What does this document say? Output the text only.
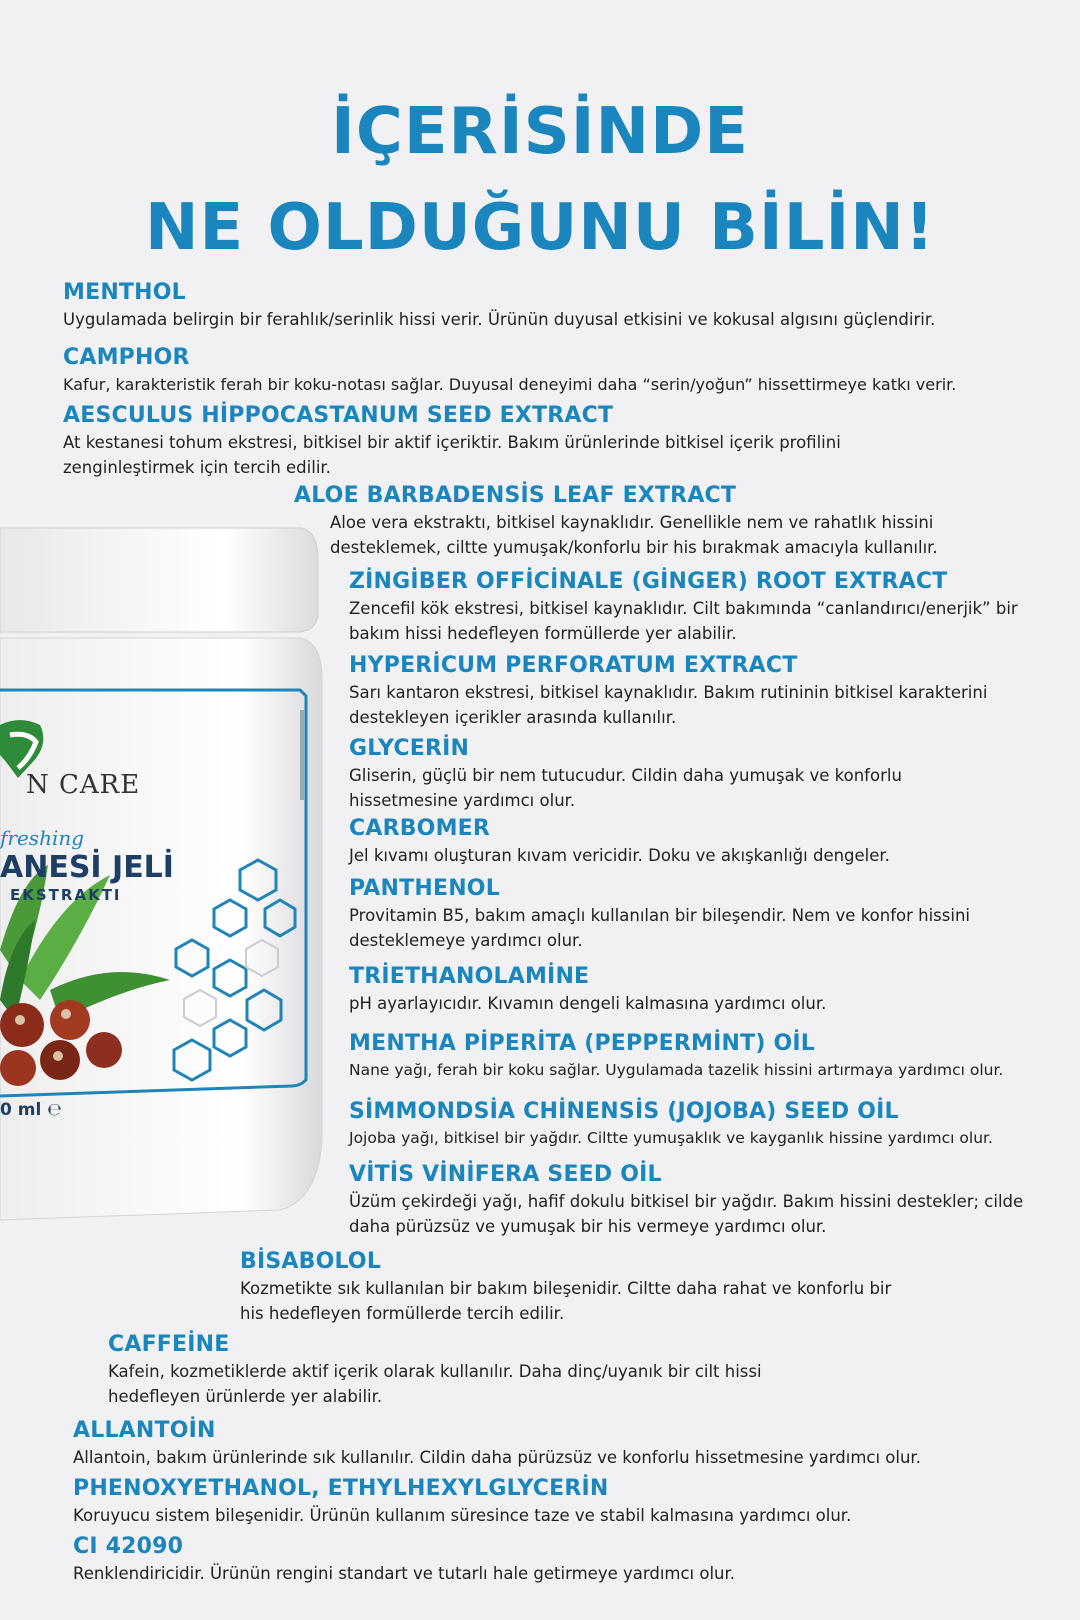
İÇERİSİNDE
NE OLDUĞUNU BİLİN!
N CARE
freshing
ANESİ JELİ
EKSTRAKTI
0 ml ℮
MENTHOL
Uygulamada belirgin bir ferahlık/serinlik hissi verir. Ürünün duyusal etkisini ve kokusal algısını güçlendirir.
CAMPHOR
Kafur, karakteristik ferah bir koku-notası sağlar. Duyusal deneyimi daha “serin/yoğun” hissettirmeye katkı verir.
AESCULUS HİPPOCASTANUM SEED EXTRACT
At kestanesi tohum ekstresi, bitkisel bir aktif içeriktir. Bakım ürünlerinde bitkisel içerik profilini zenginleştirmek için tercih edilir.
ALOE BARBADENSİS LEAF EXTRACT
Aloe vera ekstraktı, bitkisel kaynaklıdır. Genellikle nem ve rahatlık hissini desteklemek, ciltte yumuşak/konforlu bir his bırakmak amacıyla kullanılır.
ZİNGİBER OFFİCİNALE (GİNGER) ROOT EXTRACT
Zencefil kök ekstresi, bitkisel kaynaklıdır. Cilt bakımında “canlandırıcı/enerjik” bir bakım hissi hedefleyen formüllerde yer alabilir.
HYPERİCUM PERFORATUM EXTRACT
Sarı kantaron ekstresi, bitkisel kaynaklıdır. Bakım rutininin bitkisel karakterini destekleyen içerikler arasında kullanılır.
GLYCERİN
Gliserin, güçlü bir nem tutucudur. Cildin daha yumuşak ve konforlu hissetmesine yardımcı olur.
CARBOMER
Jel kıvamı oluşturan kıvam vericidir. Doku ve akışkanlığı dengeler.
PANTHENOL
Provitamin B5, bakım amaçlı kullanılan bir bileşendir. Nem ve konfor hissini desteklemeye yardımcı olur.
TRİETHANOLAMİNE
pH ayarlayıcıdır. Kıvamın dengeli kalmasına yardımcı olur.
MENTHA PİPERİTA (PEPPERMİNT) OİL
Nane yağı, ferah bir koku sağlar. Uygulamada tazelik hissini artırmaya yardımcı olur.
SİMMONDSİA CHİNENSİS (JOJOBA) SEED OİL
Jojoba yağı, bitkisel bir yağdır. Ciltte yumuşaklık ve kayganlık hissine yardımcı olur.
VİTİS VİNİFERA SEED OİL
Üzüm çekirdeği yağı, hafif dokulu bitkisel bir yağdır. Bakım hissini destekler; cilde daha pürüzsüz ve yumuşak bir his vermeye yardımcı olur.
BİSABOLOL
Kozmetikte sık kullanılan bir bakım bileşenidir. Ciltte daha rahat ve konforlu bir his hedefleyen formüllerde tercih edilir.
CAFFEİNE
Kafein, kozmetiklerde aktif içerik olarak kullanılır. Daha dinç/uyanık bir cilt hissi hedefleyen ürünlerde yer alabilir.
ALLANTOİN
Allantoin, bakım ürünlerinde sık kullanılır. Cildin daha pürüzsüz ve konforlu hissetmesine yardımcı olur.
PHENOXYETHANOL, ETHYLHEXYLGLYCERİN
Koruyucu sistem bileşenidir. Ürünün kullanım süresince taze ve stabil kalmasına yardımcı olur.
CI 42090
Renklendiricidir. Ürünün rengini standart ve tutarlı hale getirmeye yardımcı olur.
